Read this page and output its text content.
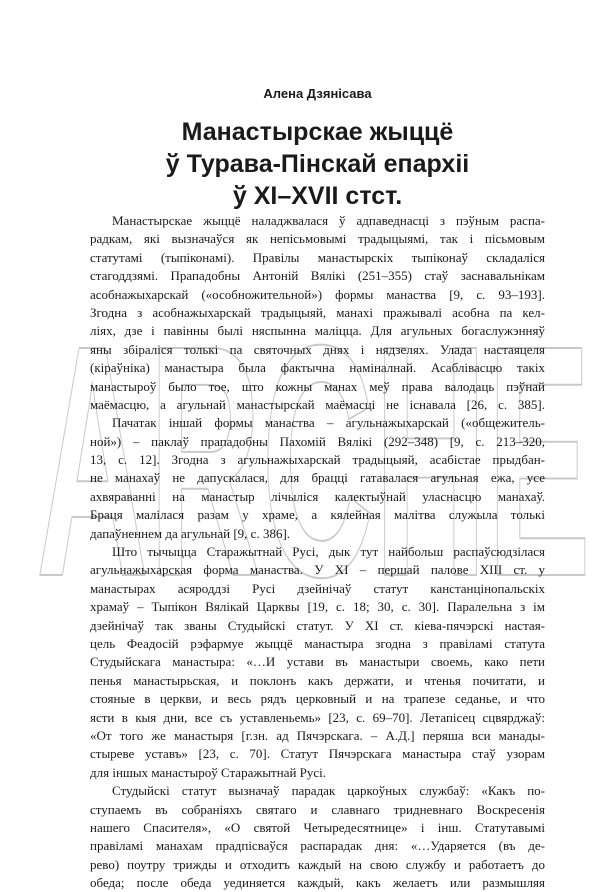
ARCHE

Алена Дзянісава

Манастырскае жыццё
ў Турава-Пінскай епархіі
ў XI–XVII стст.

Манастырскае жыццё наладжвалася ў адпаведнасці з пэўным распа-
радкам, які вызначаўся як непісьмовымі традыцыямі, так і пісьмовым
статутамі (тыпіконамі). Правілы манастырскіх тыпіконаў складаліся
стагоддзямі. Прападобны Антоній Вялікі (251–355) стаў заснавальнікам
асобнажыхарскай («особножительной») формы манаства [9, с. 93–193].
Згодна з асобнажыхарскай традыцыяй, манахі пражывалі асобна па кел-
ліях, дзе і павінны былі няспынна маліцца. Для агульных богаслужэнняў
яны збіраліся толькі па святочных днях і нядзелях. Улада настаяцеля
(кіраўніка) манастыра была фактычна наміналнай. Асаблівасцю такіх
манастыроў было тое, што кожны манах меў права валодаць пэўнай
маёмасцю, а агульнай манастырскай маёмасці не існавала [26, с. 385].

Пачатак іншай формы манаства – агульнажыхарскай («общежитель-
ной») – паклаў прападобны Пахомій Вялікі (292–348) [9, с. 213–320,
13, с. 12]. Згодна з агульнажыхарскай традыцыяй, асабістае прыдбан-
не манахаў не дапускалася, для брацці гатавалася агульная ежа, усе
ахвяраванні на манастыр лічыліся калектыўнай уласнасцю манахаў.
Браця малілася разам у храме, а кялейная малітва служыла толькі
дапаўненнем да агульнай [9, с. 386].

Што тычыцца Старажытнай Русі, дык тут найбольш распаўсюдзілася
агульнажыхарская форма манаства. У XI – першай палове XIII ст. у
манастырах асяроддзі Русі дзейнічаў статут канстанцінопальскіх
храмаў – Тыпікон Вялікай Царквы [19, с. 18; 30, с. 30]. Паралельна з ім
дзейнічаў так званы Студыйскі статут. У XI ст. кіева-пячэрскі настая-
цель Феадосій рэфармуе жыццё манастыра згодна з правіламі статута
Студыйскага манастыра: «…И устави въ манастыри своемь, како пети
пенья манастырьская, и поклонъ какъ держати, и чтенья почитати, и
стояные в церкви, и весь рядъ церковный и на трапезе седанье, и что
ясти в кыя дни, все съ уставленьемь» [23, с. 69–70]. Летапісец сцвярджаў:
«От того же манастыря [г.зн. ад Пячэрскага. – А.Д.] перяша вси манады-
стыреве уставъ» [23, с. 70]. Статут Пячэрскага манастыра стаў узорам
для іншых манастыроў Старажытнай Русі.

Студыйскі статут вызначаў парадак царкоўных службаў: «Какъ по-
ступаемъ въ собраніяхъ святаго и славнаго тридневнаго Воскресенія
нашего Спасителя», «О святой Четыредесятнице» і інш. Статутавымі
правіламі манахам прадпісваўся распарадак дня: «…Ударяется (въ де-
рево) поутру трижды и отходитъ каждый на свою службу и работаетъ до
обеда; после обеда уединяется каждый, какъ желаетъ или размышляя
